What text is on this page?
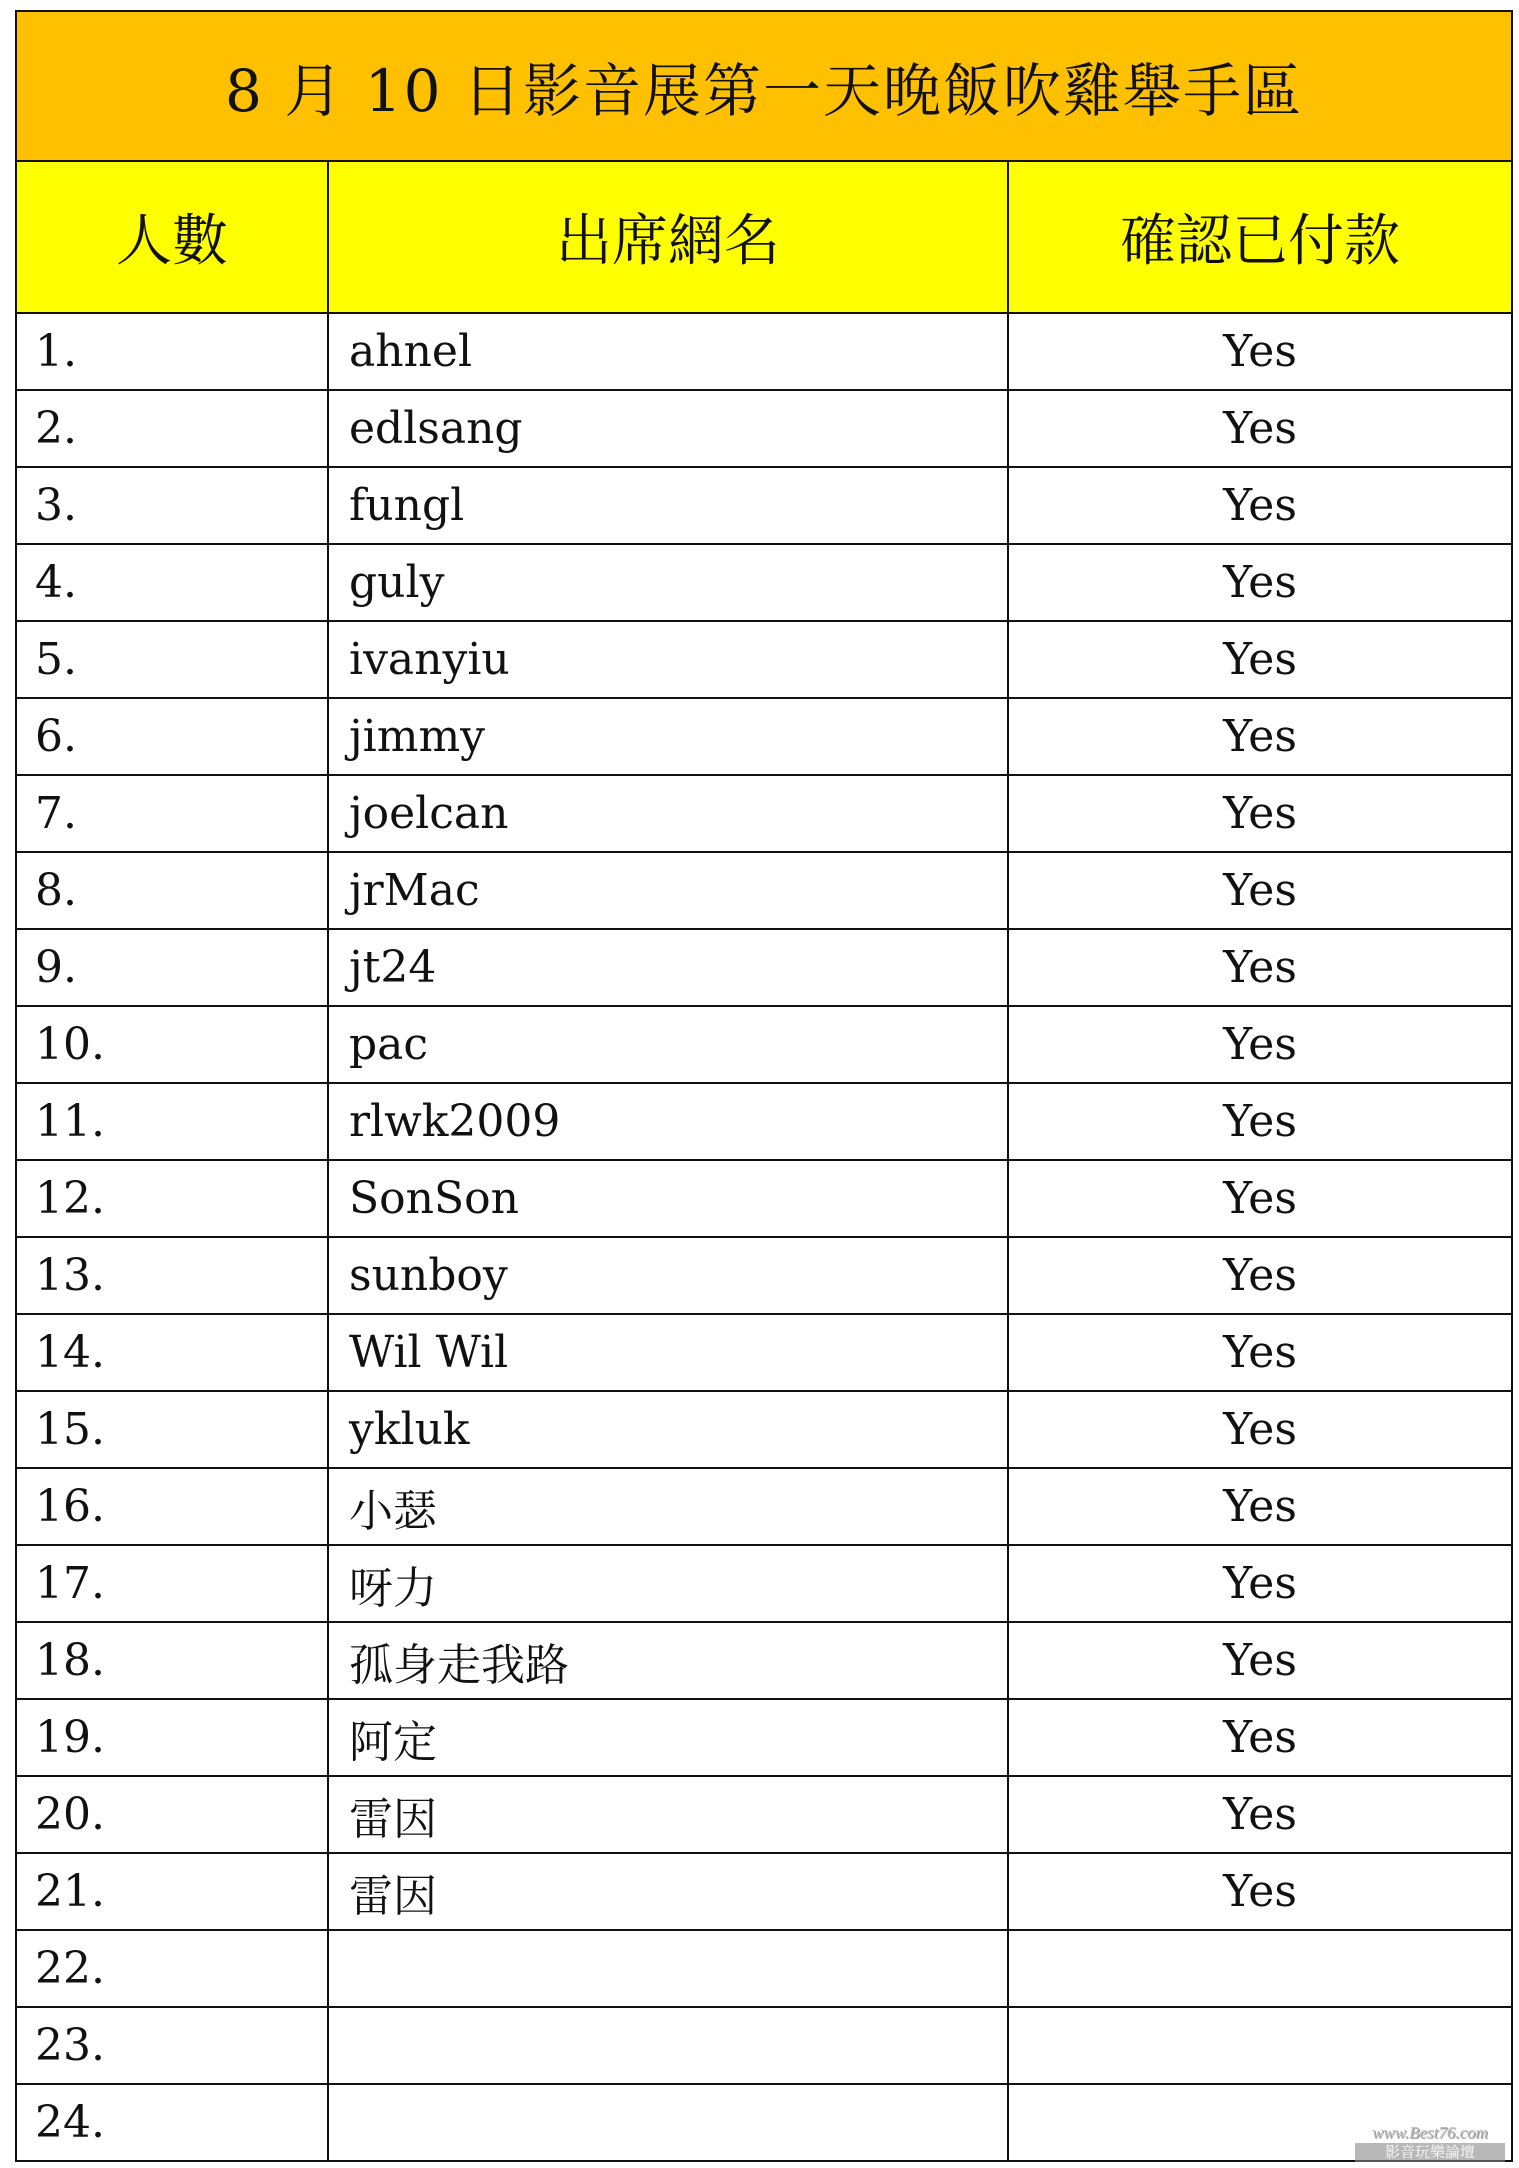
8 月 10 日影音展第一天晚飯吹雞舉手區		
人數	出席網名	確認已付款
1.	ahnel	Yes
2.	edlsang	Yes
3.	fungl	Yes
4.	guly	Yes
5.	ivanyiu	Yes
6.	jimmy	Yes
7.	joelcan	Yes
8.	jrMac	Yes
9.	jt24	Yes
10.	pac	Yes
11.	rlwk2009	Yes
12.	SonSon	Yes
13.	sunboy	Yes
14.	Wil Wil	Yes
15.	ykluk	Yes
16.	小瑟	Yes
17.	呀力	Yes
18.	孤身走我路	Yes
19.	阿定	Yes
20.	雷因	Yes
21.	雷因	Yes
22.		
23.		
24.			www.Best76.com
影音玩樂論壇
